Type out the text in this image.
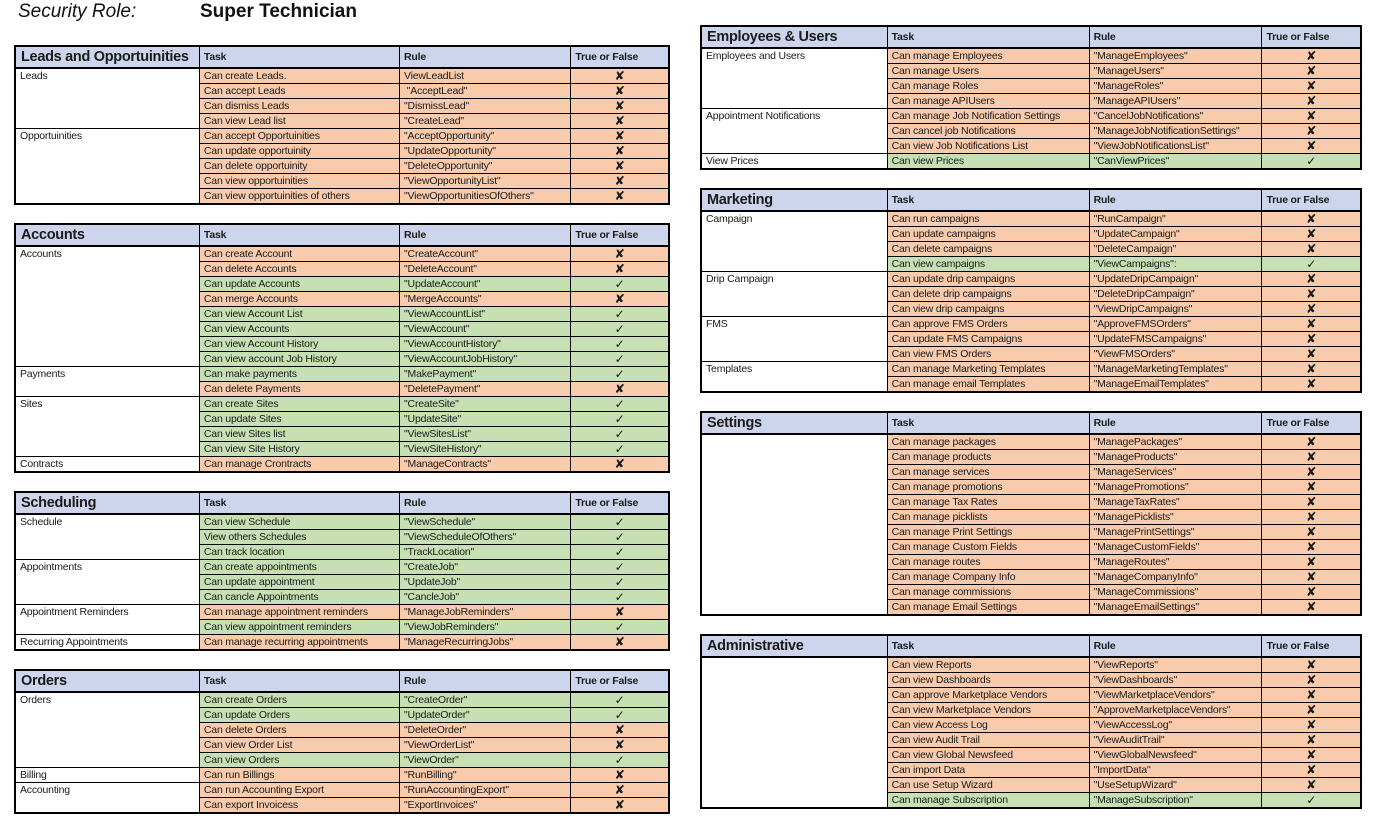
Security Role:	Super Technician
Leads and Opportuinities	Task	Rule	True or False
Leads	Can create Leads.	ViewLeadList	✘
	Can accept Leads	"AcceptLead"	✘
	Can dismiss Leads	"DismissLead"	✘
	Can view Lead list	"CreateLead"	✘
Opportuinities	Can accept Opportuinities	"AcceptOpportunity"	✘
	Can update opportuinity	"UpdateOpportunity"	✘
	Can delete opportuinity	"DeleteOpportunity"	✘
	Can view opportuinities	"ViewOpportunityList"	✘
	Can view opportuinities of others	"ViewOpportunitiesOfOthers"	✘
Accounts	Task	Rule	True or False
Accounts	Can create Account	"CreateAccount"	✘
	Can delete Accounts	"DeleteAccount"	✘
	Can update Accounts	"UpdateAccount"	✓
	Can merge Accounts	"MergeAccounts"	✘
	Can view Account List	"ViewAccountList"	✓
	Can view Accounts	"ViewAccount"	✓
	Can view Account History	"ViewAccountHistory"	✓
	Can view account Job History	"ViewAccountJobHistory"	✓
Payments	Can make payments	"MakePayment"	✓
	Can delete Payments	"DeletePayment"	✘
Sites	Can create Sites	"CreateSite"	✓
	Can update Sites	"UpdateSite"	✓
	Can view Sites list	"ViewSitesList"	✓
	Can view Site History	"ViewSiteHistory"	✓
Contracts	Can manage Crontracts	"ManageContracts"	✘
Scheduling	Task	Rule	True or False
Schedule	Can view Schedule	"ViewSchedule"	✓
	View others Schedules	"ViewScheduleOfOthers"	✓
	Can track location	"TrackLocation"	✓
Appointments	Can create appointments	"CreateJob"	✓
	Can update appointment	"UpdateJob"	✓
	Can cancle Appointments	"CancleJob"	✓
Appointment Reminders	Can manage appointment reminders	"ManageJobReminders"	✘
	Can view appointment reminders	"ViewJobReminders"	✓
Recurring Appointments	Can manage recurring appointments	"ManageRecurringJobs"	✘
Orders	Task	Rule	True or False
Orders	Can create Orders	"CreateOrder"	✓
	Can update Orders	"UpdateOrder"	✓
	Can delete Orders	"DeleteOrder"	✘
	Can view Order List	"ViewOrderList"	✘
	Can view Orders	"ViewOrder"	✓
Billing	Can run Billings	"RunBilling"	✘
Accounting	Can run Accounting Export	"RunAccountingExport"	✘
	Can export Invoicess	"ExportInvoices"	✘
Employees & Users	Task	Rule	True or False
Employees and Users	Can manage Employees	"ManageEmployees"	✘
	Can manage Users	"ManageUsers"	✘
	Can manage Roles	"ManageRoles"	✘
	Can manage APIUsers	"ManageAPIUsers"	✘
Appointment Notifications	Can manage Job Notification Settings	"CancelJobNotifications"	✘
	Can cancel job Notifications	"ManageJobNotificationSettings"	✘
	Can view Job Notifications List	"ViewJobNotificationsList"	✘
View Prices	Can view Prices	"CanViewPrices"	✓
Marketing	Task	Rule	True or False
Campaign	Can run campaigns	"RunCampaign"	✘
	Can update campaigns	"UpdateCampaign"	✘
	Can delete campaigns	"DeleteCampaign"	✘
	Can view campaigns	"ViewCampaigns":	✓
Drip Campaign	Can update drip campaigns	"UpdateDripCampaign"	✘
	Can delete drip campaigns	"DeleteDripCampaign"	✘
	Can view drip campaigns	"ViewDripCampaigns"	✘
FMS	Can approve FMS Orders	"ApproveFMSOrders"	✘
	Can update FMS Campaigns	"UpdateFMSCampaigns"	✘
	Can view FMS Orders	"ViewFMSOrders"	✘
Templates	Can manage Marketing Templates	"ManageMarketingTemplates"	✘
	Can manage email Templates	"ManageEmailTemplates"	✘
Settings	Task	Rule	True or False
	Can manage packages	"ManagePackages"	✘
	Can manage products	"ManageProducts"	✘
	Can manage services	"ManageServices"	✘
	Can manage promotions	"ManagePromotions"	✘
	Can manage Tax Rates	"ManageTaxRates"	✘
	Can manage picklists	"ManagePicklists"	✘
	Can manage Print Settings	"ManagePrintSettings"	✘
	Can manage Custom Fields	"ManageCustomFields"	✘
	Can manage routes	"ManageRoutes"	✘
	Can manage Company Info	"ManageCompanyInfo"	✘
	Can manage commissions	"ManageCommissions"	✘
	Can manage Email Settings	"ManageEmailSettings"	✘
Administrative	Task	Rule	True or False
	Can view Reports	"ViewReports"	✘
	Can view Dashboards	"ViewDashboards"	✘
	Can approve Marketplace Vendors	"ViewMarketplaceVendors"	✘
	Can view Marketplace Vendors	"ApproveMarketplaceVendors"	✘
	Can view Access Log	"ViewAccessLog"	✘
	Can view Audit Trail	"ViewAuditTrail"	✘
	Can view Global Newsfeed	"ViewGlobalNewsfeed"	✘
	Can import Data	"ImportData"	✘
	Can use Setup Wizard	"UseSetupWizard"	✘
	Can manage Subscription	"ManageSubscription"	✓
